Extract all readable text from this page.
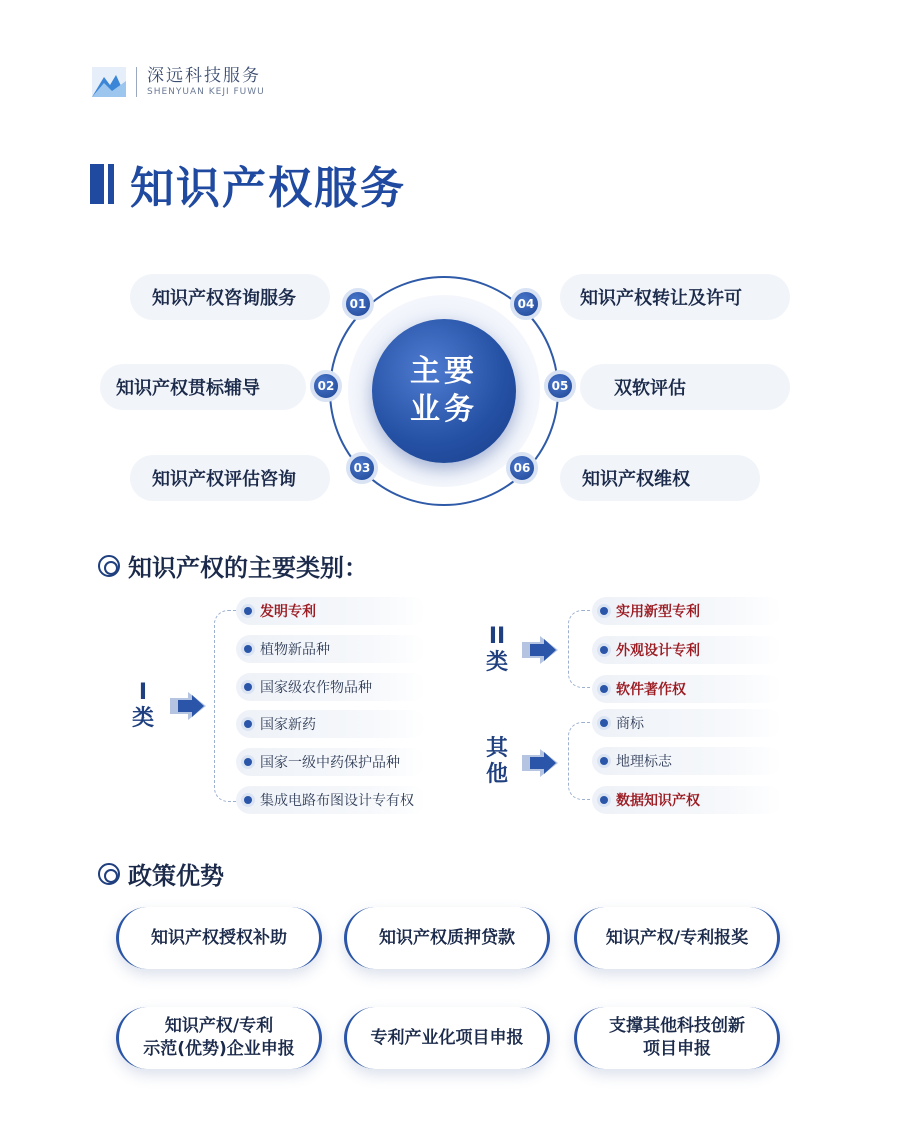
深远科技服务
SHENYUAN KEJI FUWU
知识产权服务
主要
业务
知识产权咨询服务
知识产权贯标辅导
知识产权评估咨询
知识产权转让及许可
双软评估
知识产权维权
01
02
03
04
05
06
知识产权的主要类别：
I
类
发明专利
植物新品种
国家级农作物品种
国家新药
国家一级中药保护品种
集成电路布图设计专有权
II
类
实用新型专利
外观设计专利
软件著作权
其
他
商标
地理标志
数据知识产权
政策优势
知识产权授权补助	知识产权质押贷款	知识产权/专利报奖
知识产权/专利
示范(优势)企业申报
专利产业化项目申报
支撑其他科技创新
项目申报
